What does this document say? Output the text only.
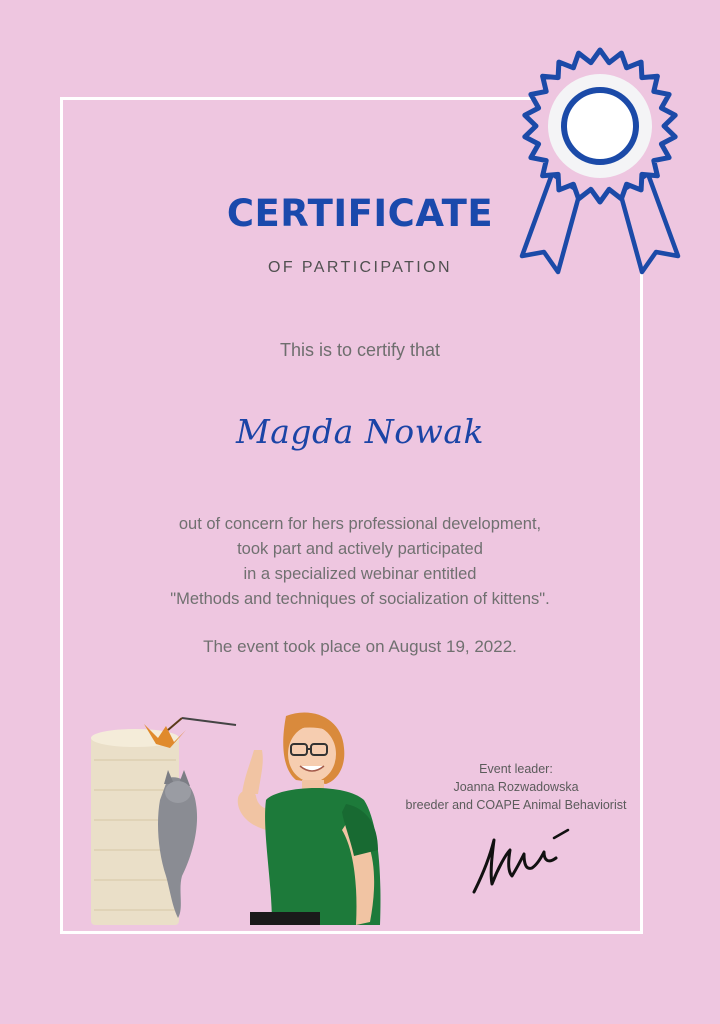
CERTIFICATE
OF PARTICIPATION
This is to certify that
Magda Nowak
out of concern for hers professional development,
took part and actively participated
in a specialized webinar entitled
"Methods and techniques of socialization of kittens".
The event took place on August 19, 2022.
Event leader:
Joanna Rozwadowska
breeder and COAPE Animal Behaviorist
